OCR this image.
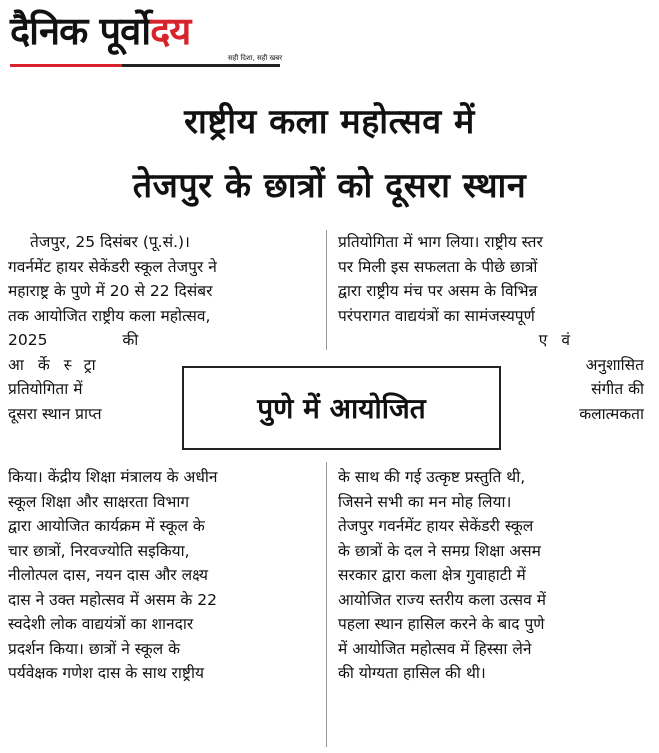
दैनिक पूर्वोदय
सही दिशा, सही खबर
राष्ट्रीय कला महोत्सव में
तेजपुर के छात्रों को दूसरा स्थान

तेजपुर, 25 दिसंबर (पू.सं.)।

गवर्नमेंट हायर सेकेंडरी स्कूल तेजपुर ने

महाराष्ट्र के पुणे में 20 से 22 दिसंबर

तक आयोजित राष्ट्रीय कला महोत्सव,

2025 की

आर्केस्ट्रा

प्रतियोगिता में

दूसरा स्थान प्राप्त

किया। केंद्रीय शिक्षा मंत्रालय के अधीन

स्कूल शिक्षा और साक्षरता विभाग

द्वारा आयोजित कार्यक्रम में स्कूल के

चार छात्रों, निरवज्योति सइकिया,

नीलोत्पल दास, नयन दास और लक्ष्य

दास ने उक्त महोत्सव में असम के 22

स्वदेशी लोक वाद्ययंत्रों का शानदार

प्रदर्शन किया। छात्रों ने स्कूल के

पर्यवेक्षक गणेश दास के साथ राष्ट्रीय

प्रतियोगिता में भाग लिया। राष्ट्रीय स्तर

पर मिली इस सफलता के पीछे छात्रों

द्वारा राष्ट्रीय मंच पर असम के विभिन्न

परंपरागत वाद्ययंत्रों का सामंजस्यपूर्ण

एवं

अनुशासित

संगीत की

कलात्मकता

के साथ की गई उत्कृष्ट प्रस्तुति थी,

जिसने सभी का मन मोह लिया।

तेजपुर गवर्नमेंट हायर सेकेंडरी स्कूल

के छात्रों के दल ने समग्र शिक्षा असम

सरकार द्वारा कला क्षेत्र गुवाहाटी में

आयोजित राज्य स्तरीय कला उत्सव में

पहला स्थान हासिल करने के बाद पुणे

में आयोजित महोत्सव में हिस्सा लेने

की योग्यता हासिल की थी।

पुणे में आयोजित
